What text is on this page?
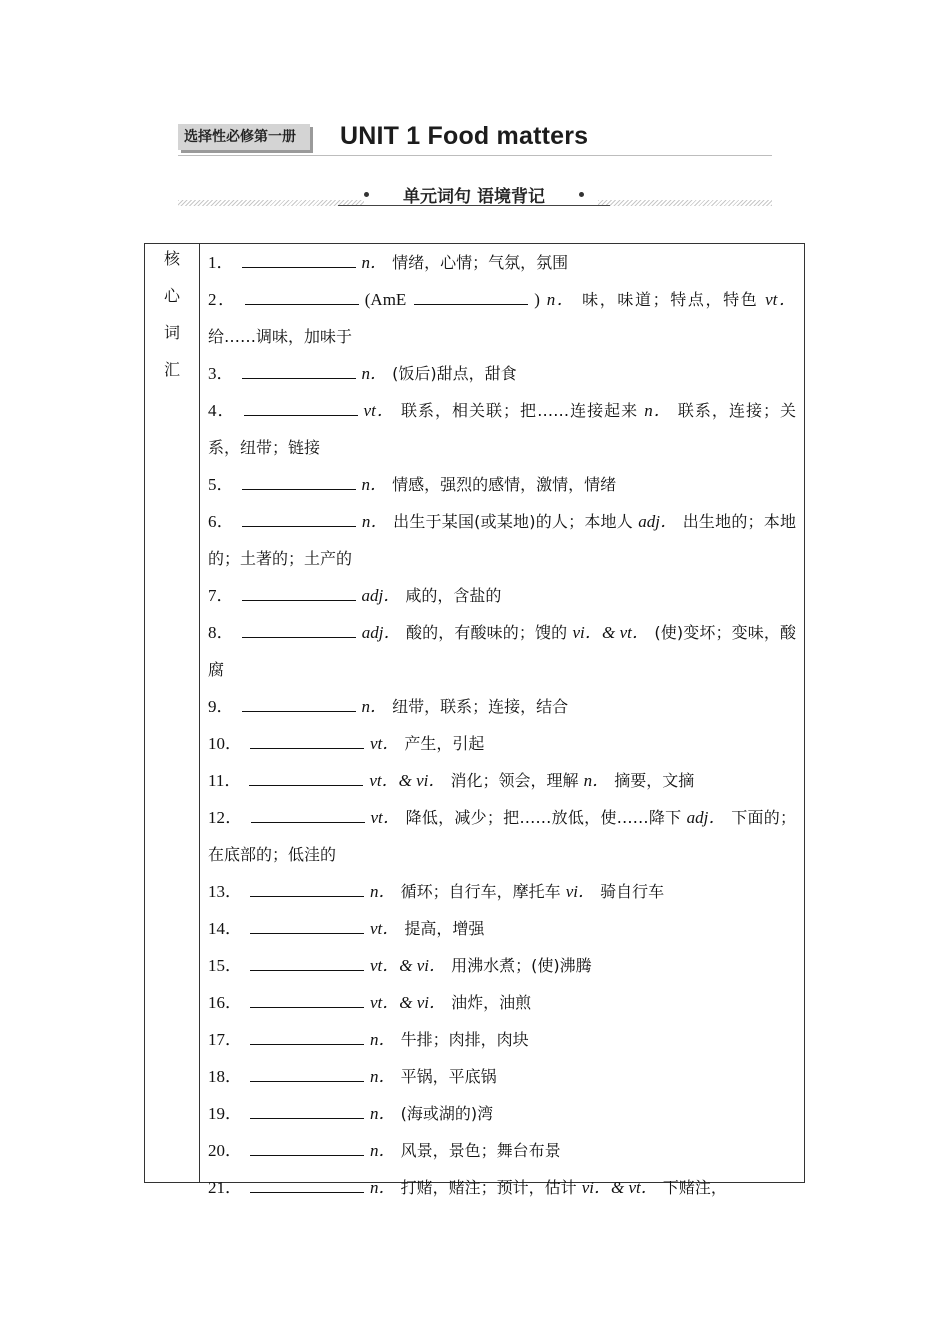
选择性必修第一册	UNIT 1 Food matters
单元词句 语境背记
核
心
词
汇

1．	n． 情绪，心情；气氛，氛围

2．	(AmE	) n． 味，味道；特点，特色 vt． 给……调味，加味于

3．	n． (饭后)甜点，甜食

4．	vt． 联系，相关联；把……连接起来 n． 联系，连接；关系，纽带；链接

5．	n． 情感，强烈的感情，激情，情绪

6．	n． 出生于某国(或某地)的人；本地人 adj． 出生地的；本地的；土著的；土产的

7．	adj． 咸的，含盐的

8．	adj． 酸的，有酸味的；馊的 vi．& vt． (使)变坏；变味，酸腐

9．	n． 纽带，联系；连接，结合

10．	vt． 产生，引起

11．	vt．& vi． 消化；领会，理解 n． 摘要，文摘

12．	vt． 降低，减少；把……放低，使……降下 adj． 下面的；在底部的；低洼的

13．	n． 循环；自行车，摩托车 vi． 骑自行车

14．	vt． 提高，增强

15．	vt．& vi． 用沸水煮；(使)沸腾

16．	vt．& vi． 油炸，油煎

17．	n． 牛排；肉排，肉块

18．	n． 平锅，平底锅

19．	n． (海或湖的)湾

20．	n． 风景，景色；舞台布景

21．	n． 打赌，赌注；预计，估计 vi．& vt． 下赌注，
